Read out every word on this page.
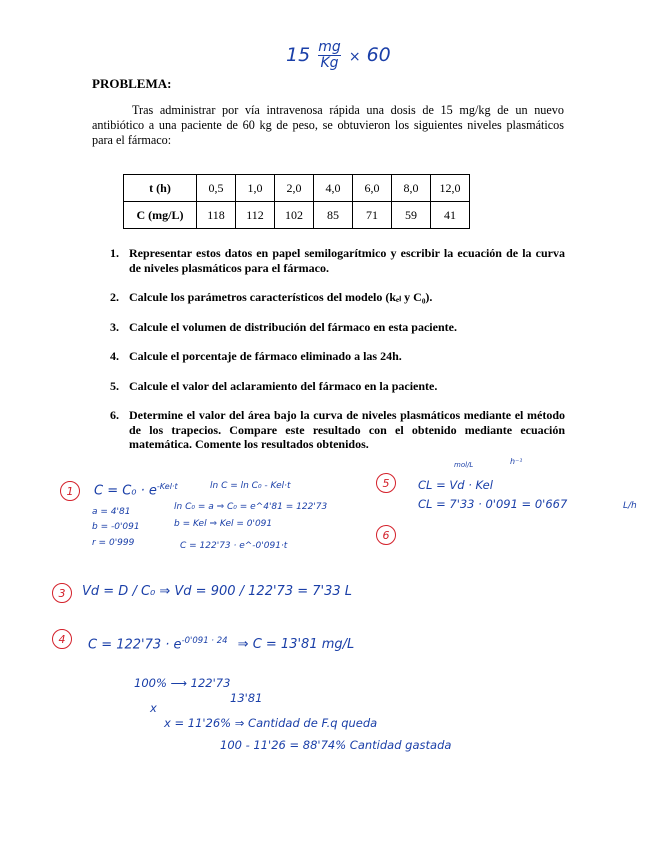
$15 \frac{mg}{Kg} \times 60$
PROBLEMA:
Tras administrar por vía intravenosa rápida una dosis de 15 mg/kg de un nuevo antibiótico a una paciente de 60 kg de peso, se obtuvieron los siguientes niveles plasmáticos para el fármaco:
t (h)	0,5	1,0	2,0	4,0	6,0	8,0	12,0
C (mg/L)	118	112	102	85	71	59	41
1. Representar estos datos en papel semilogarítmico y escribir la ecuación de la curva de niveles plasmáticos para el fármaco.
2. Calcule los parámetros característicos del modelo (kₑₗ y C₀).
3. Calcule el volumen de distribución del fármaco en esta paciente.
4. Calcule el porcentaje de fármaco eliminado a las 24h.
5. Calcule el valor del aclaramiento del fármaco en la paciente.
6. Determine el valor del área bajo la curva de niveles plasmáticos mediante el método de los trapecios. Compare este resultado con el obtenido mediante ecuación matemática. Comente los resultados obtenidos.
1	$C = C_0 \cdot e^{-Kel\cdot t}$	ln C = ln C₀ - Kel·t
a = 4'81	ln C₀ = a ⇒ C₀ = e^4'81 = 122'73
b = -0'091	b = Kel ⇒ Kel = 0'091
r = 0'999	C = 122'73 · e^-0'091·t
5
mol/L	h⁻¹
CL = Vd · Kel
CL = 7'33 · 0'091 = 0'667	L/h
6
3	Vd = D / C₀ ⇒ Vd = 900 / 122'73 = 7'33 L
4	$C = 122'73 \cdot e^{-0'091 \cdot 24}$ ⇒ C = 13'81 mg/L
100% ⟶ 122'73
13'81
x
x = 11'26% ⇒ Cantidad de F.q queda
100 - 11'26 = 88'74% Cantidad gastada
